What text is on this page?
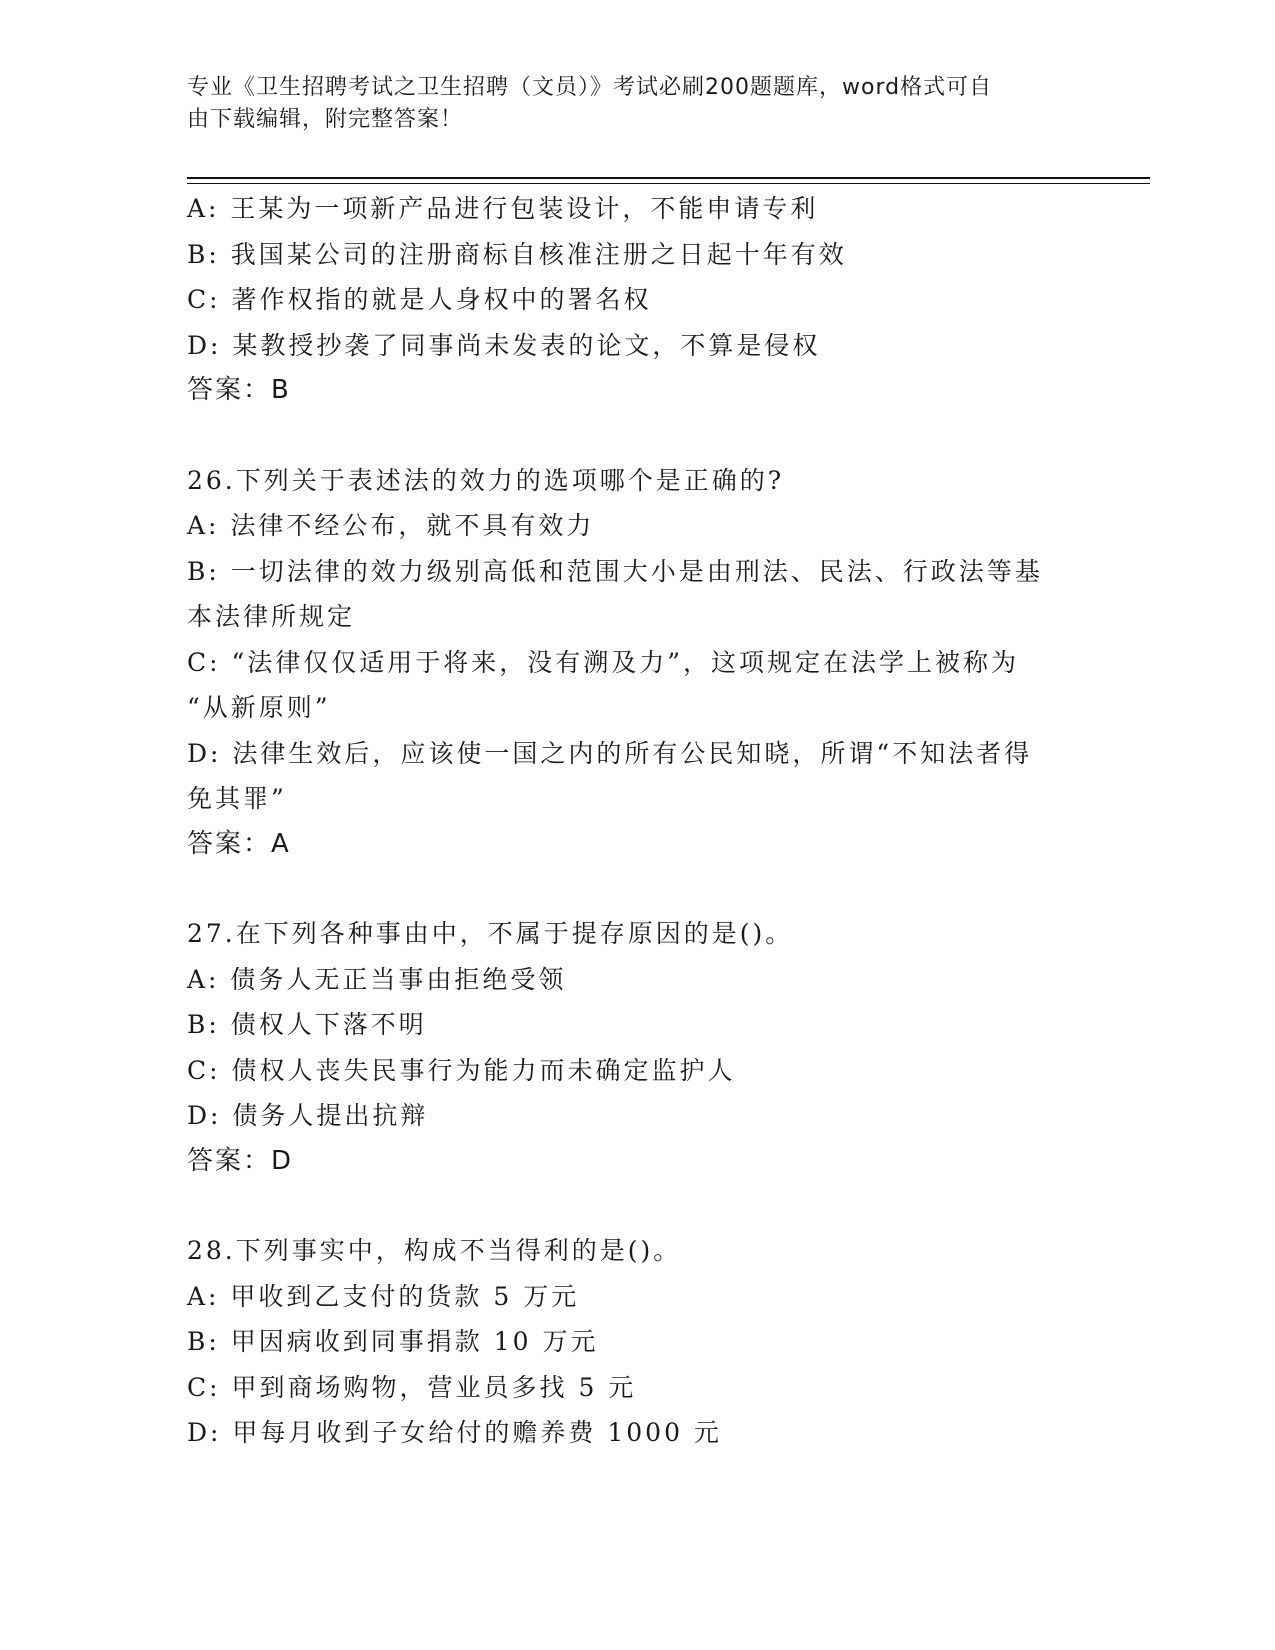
专业《卫生招聘考试之卫生招聘（文员）》考试必刷200题题库，word格式可自
由下载编辑，附完整答案！
A: 王某为一项新产品进行包装设计，不能申请专利
B: 我国某公司的注册商标自核准注册之日起十年有效
C: 著作权指的就是人身权中的署名权
D: 某教授抄袭了同事尚未发表的论文，不算是侵权
答案：B
26.下列关于表述法的效力的选项哪个是正确的?
A: 法律不经公布，就不具有效力
B: 一切法律的效力级别高低和范围大小是由刑法、民法、行政法等基
本法律所规定
C: “法律仅仅适用于将来，没有溯及力”，这项规定在法学上被称为
“从新原则”
D: 法律生效后，应该使一国之内的所有公民知晓，所谓“不知法者得
免其罪”
答案：A
27.在下列各种事由中，不属于提存原因的是()。
A: 债务人无正当事由拒绝受领
B: 债权人下落不明
C: 债权人丧失民事行为能力而未确定监护人
D: 债务人提出抗辩
答案：D
28.下列事实中，构成不当得利的是()。
A: 甲收到乙支付的货款 5 万元
B: 甲因病收到同事捐款 10 万元
C: 甲到商场购物，营业员多找 5 元
D: 甲每月收到子女给付的赡养费 1000 元
